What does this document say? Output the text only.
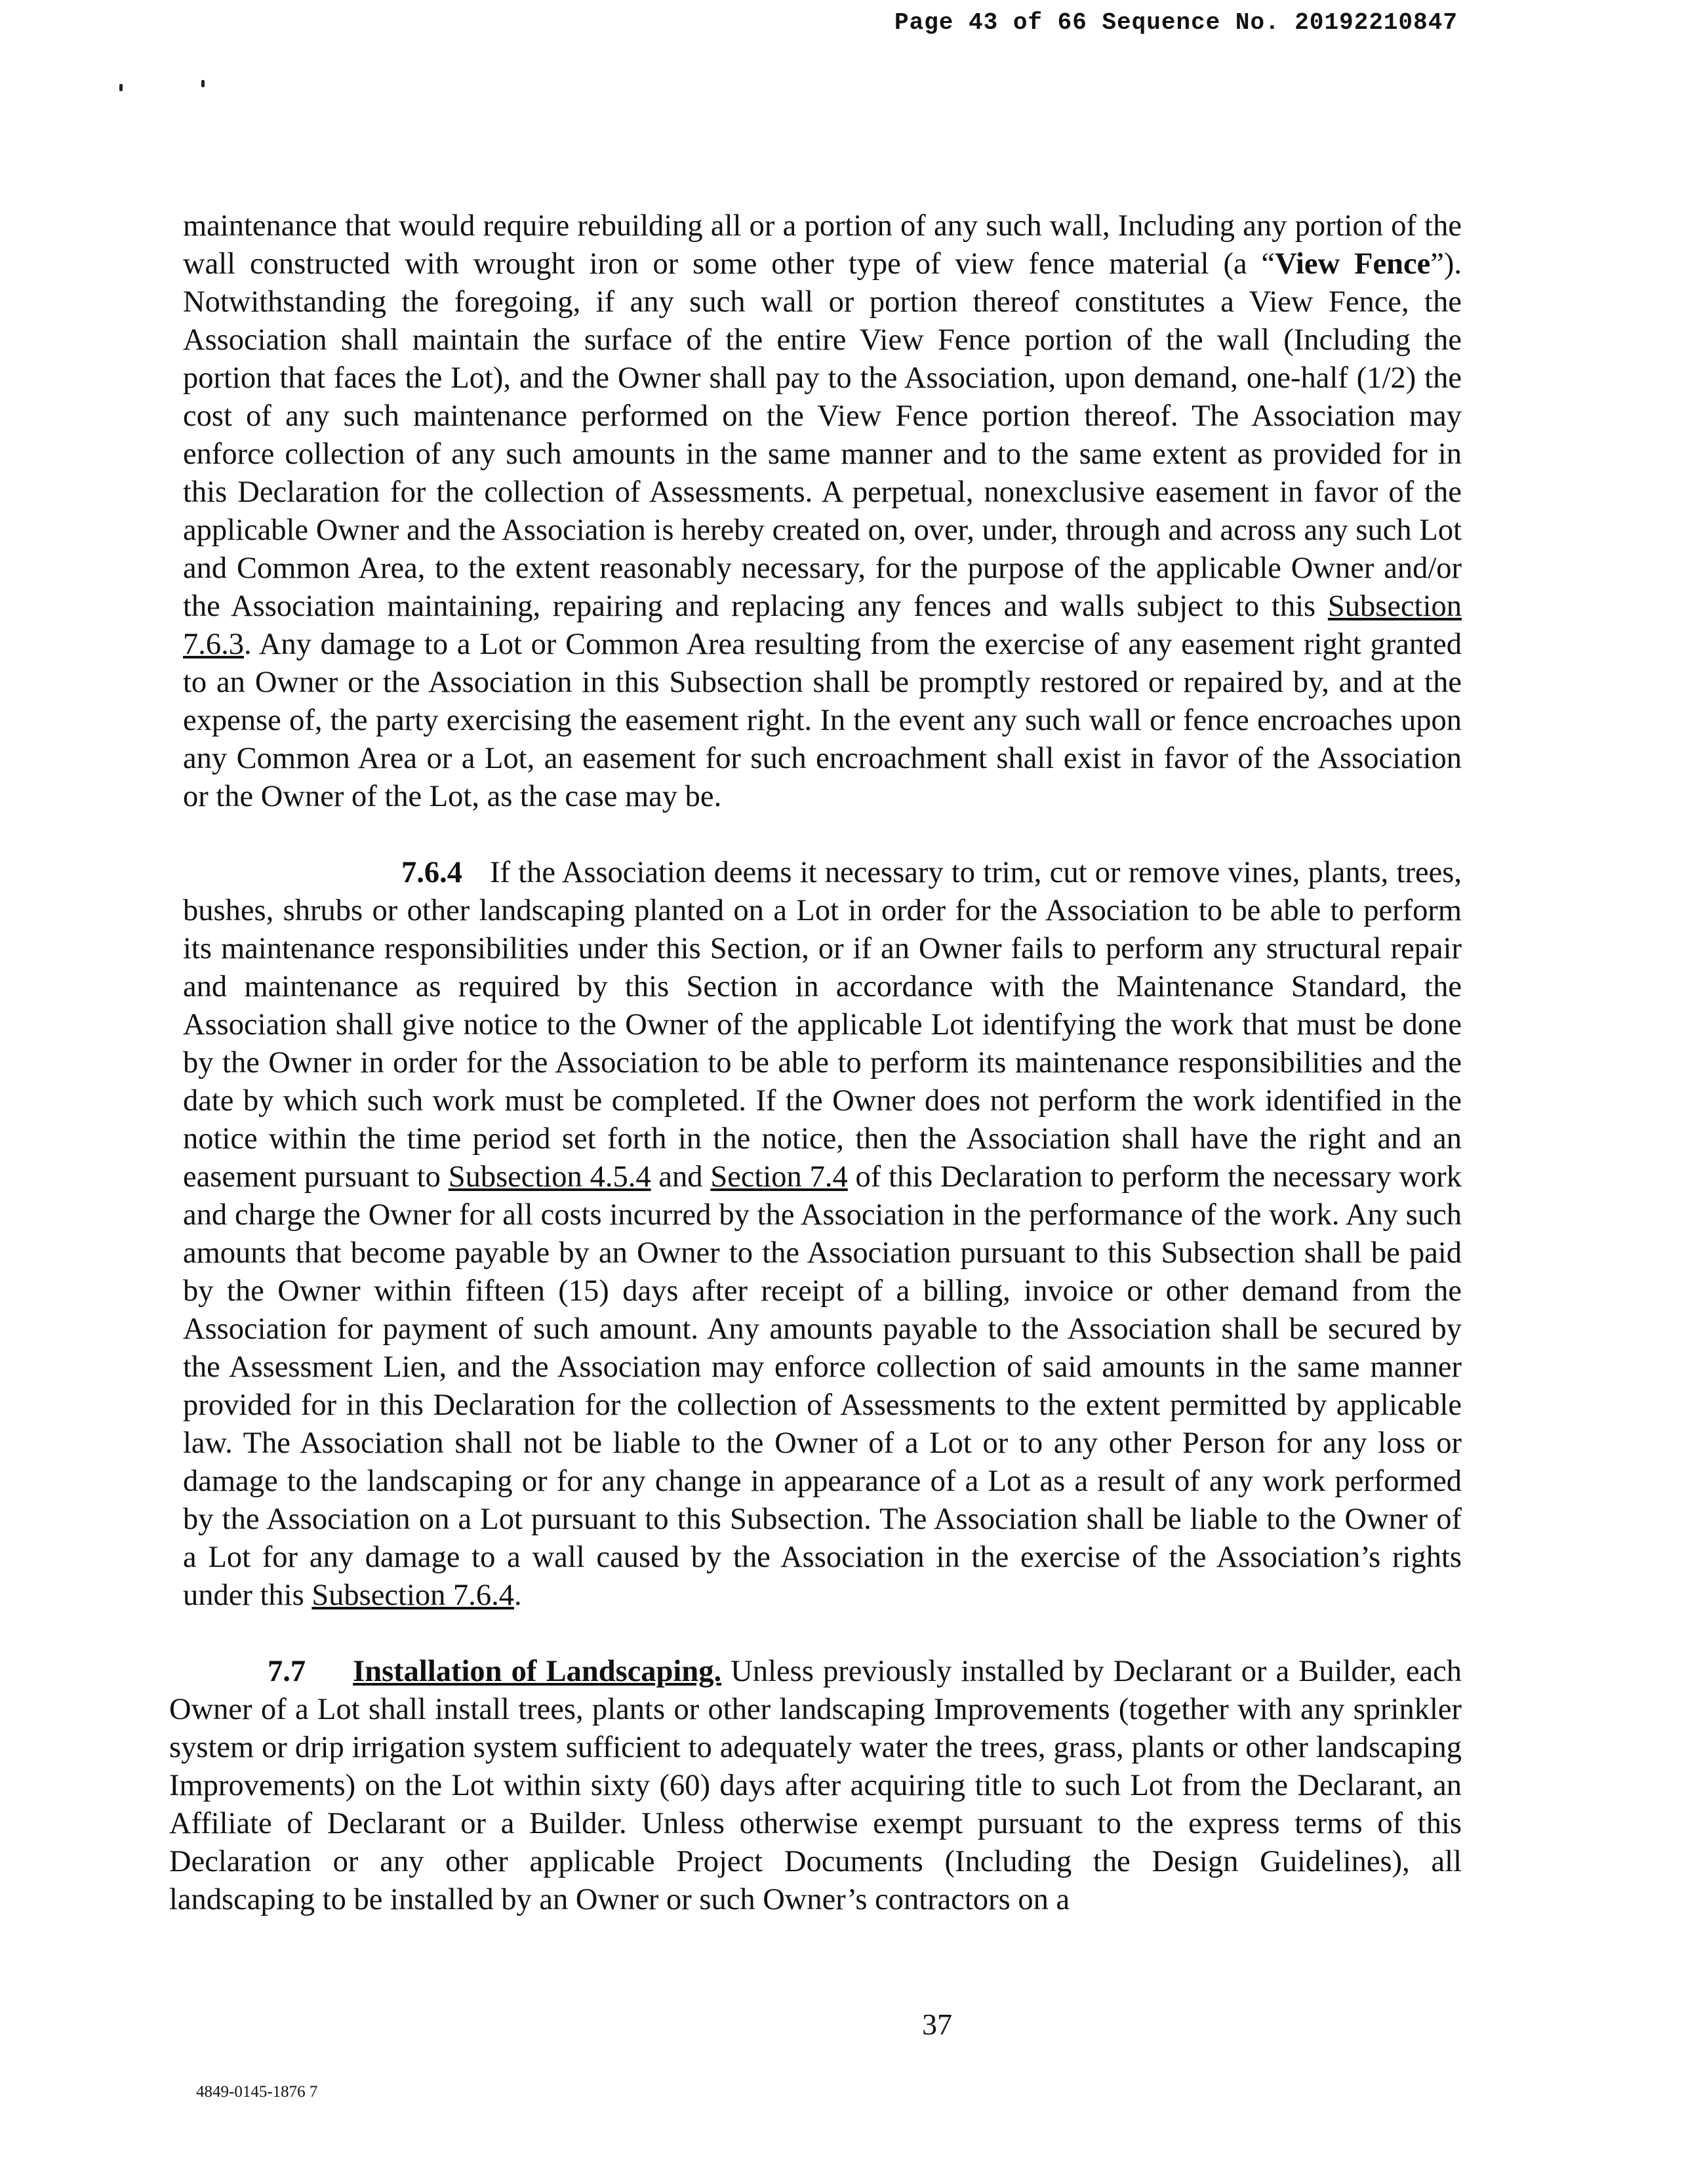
Page 43 of 66 Sequence No. 20192210847

maintenance that would require rebuilding all or a portion of any such wall, Including any portion of the wall constructed with wrought iron or some other type of view fence material (a “View Fence”). Notwithstanding the foregoing, if any such wall or portion thereof constitutes a View Fence, the Association shall maintain the surface of the entire View Fence portion of the wall (Including the portion that faces the Lot), and the Owner shall pay to the Association, upon demand, one-half (1/2) the cost of any such maintenance performed on the View Fence portion thereof. The Association may enforce collection of any such amounts in the same manner and to the same extent as provided for in this Declaration for the collection of Assessments. A perpetual, nonexclusive easement in favor of the applicable Owner and the Association is hereby created on, over, under, through and across any such Lot and Common Area, to the extent reasonably necessary, for the purpose of the applicable Owner and/or the Association maintaining, repairing and replacing any fences and walls subject to this Subsection 7.6.3. Any damage to a Lot or Common Area resulting from the exercise of any easement right granted to an Owner or the Association in this Subsection shall be promptly restored or repaired by, and at the expense of, the party exercising the easement right. In the event any such wall or fence encroaches upon any Common Area or a Lot, an easement for such encroachment shall exist in favor of the Association or the Owner of the Lot, as the case may be.

7.6.4 If the Association deems it necessary to trim, cut or remove vines, plants, trees, bushes, shrubs or other landscaping planted on a Lot in order for the Association to be able to perform its maintenance responsibilities under this Section, or if an Owner fails to perform any structural repair and maintenance as required by this Section in accordance with the Maintenance Standard, the Association shall give notice to the Owner of the applicable Lot identifying the work that must be done by the Owner in order for the Association to be able to perform its maintenance responsibilities and the date by which such work must be completed. If the Owner does not perform the work identified in the notice within the time period set forth in the notice, then the Association shall have the right and an easement pursuant to Subsection 4.5.4 and Section 7.4 of this Declaration to perform the necessary work and charge the Owner for all costs incurred by the Association in the performance of the work. Any such amounts that become payable by an Owner to the Association pursuant to this Subsection shall be paid by the Owner within fifteen (15) days after receipt of a billing, invoice or other demand from the Association for payment of such amount. Any amounts payable to the Association shall be secured by the Assessment Lien, and the Association may enforce collection of said amounts in the same manner provided for in this Declaration for the collection of Assessments to the extent permitted by applicable law. The Association shall not be liable to the Owner of a Lot or to any other Person for any loss or damage to the landscaping or for any change in appearance of a Lot as a result of any work performed by the Association on a Lot pursuant to this Subsection. The Association shall be liable to the Owner of a Lot for any damage to a wall caused by the Association in the exercise of the Association’s rights under this Subsection 7.6.4.

7.7 Installation of Landscaping. Unless previously installed by Declarant or a Builder, each Owner of a Lot shall install trees, plants or other landscaping Improvements (together with any sprinkler system or drip irrigation system sufficient to adequately water the trees, grass, plants or other landscaping Improvements) on the Lot within sixty (60) days after acquiring title to such Lot from the Declarant, an Affiliate of Declarant or a Builder. Unless otherwise exempt pursuant to the express terms of this Declaration or any other applicable Project Documents (Including the Design Guidelines), all landscaping to be installed by an Owner or such Owner’s contractors on a

37
4849-0145-1876 7
